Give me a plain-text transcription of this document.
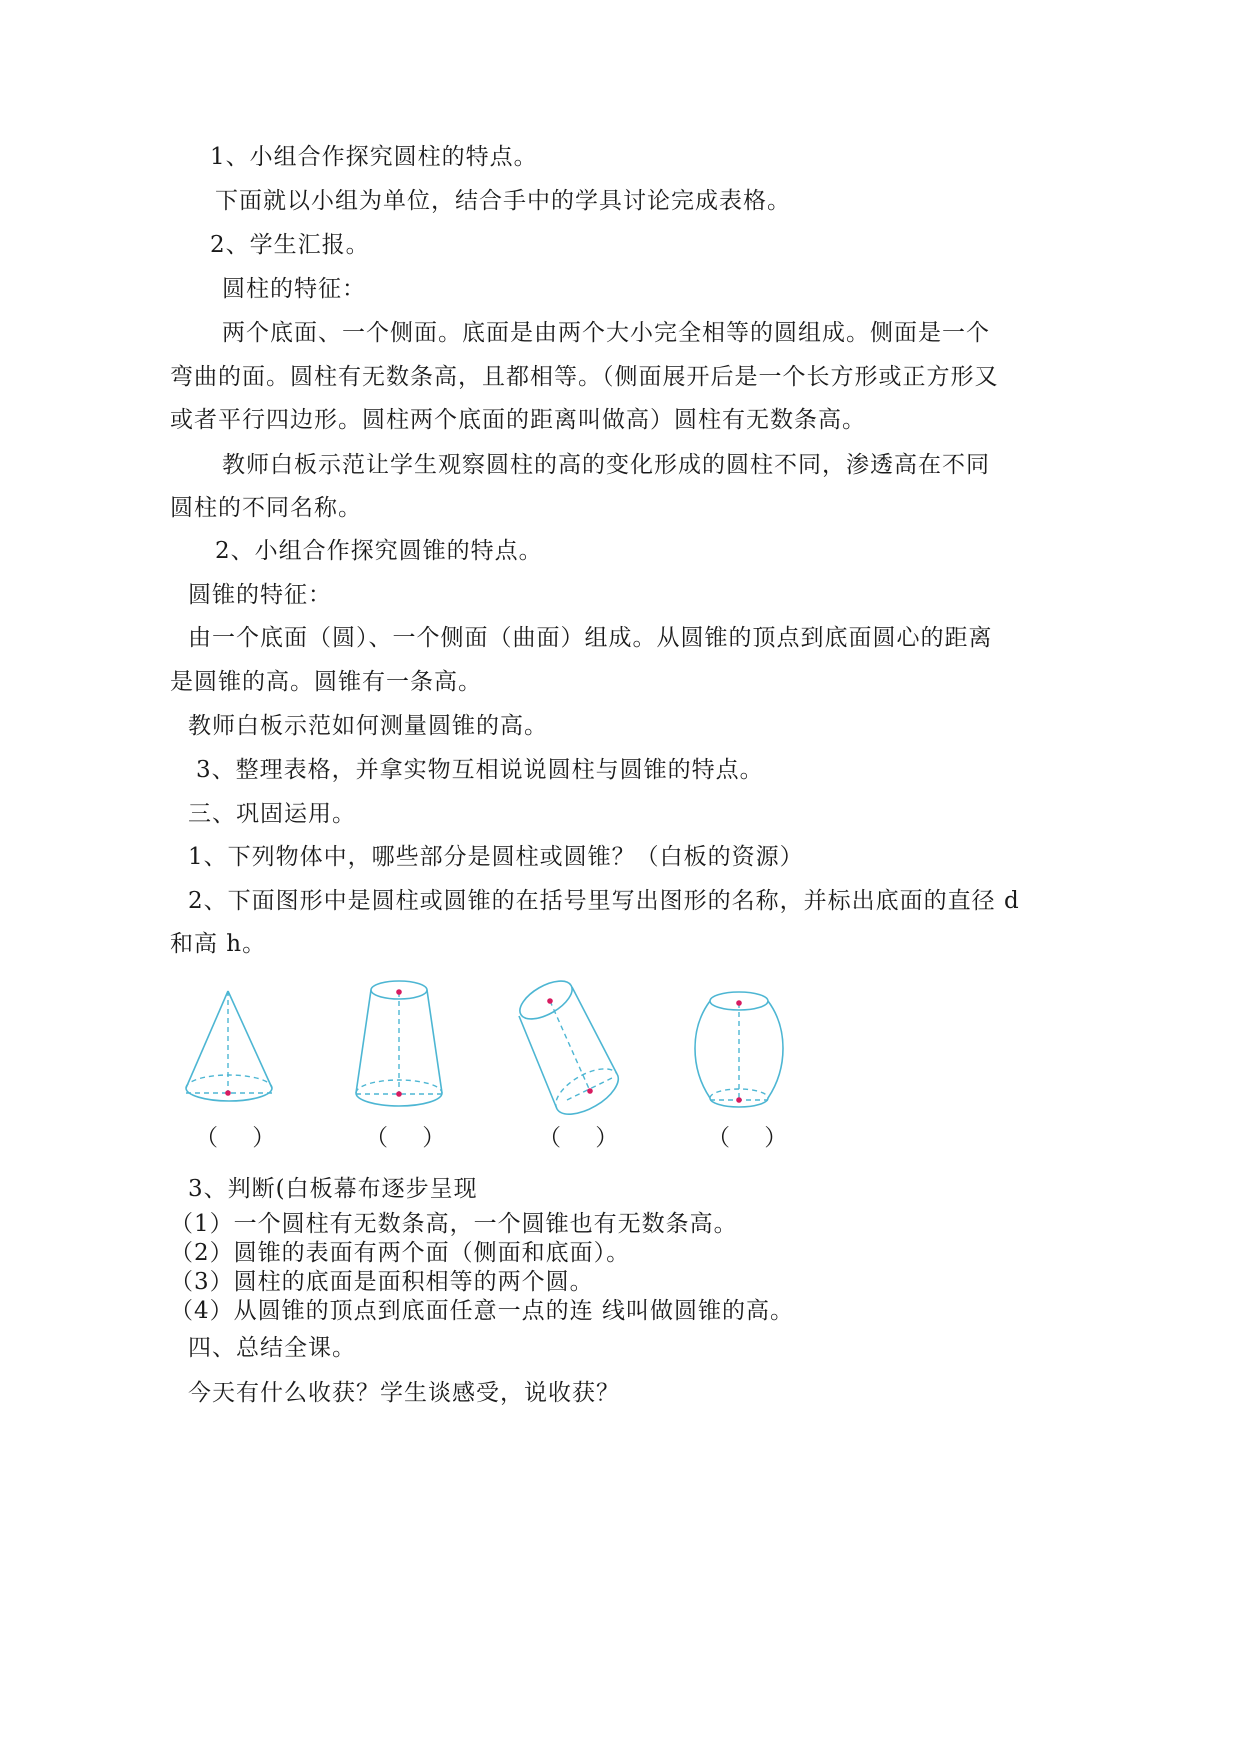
1、小组合作探究圆柱的特点。
下面就以小组为单位，结合手中的学具讨论完成表格。
2、学生汇报。
圆柱的特征：
两个底面、一个侧面。底面是由两个大小完全相等的圆组成。侧面是一个
弯曲的面。圆柱有无数条高，且都相等。（侧面展开后是一个长方形或正方形又
或者平行四边形。圆柱两个底面的距离叫做高）圆柱有无数条高。
教师白板示范让学生观察圆柱的高的变化形成的圆柱不同，渗透高在不同
圆柱的不同名称。
2、小组合作探究圆锥的特点。
圆锥的特征：
由一个底面（圆）、一个侧面（曲面）组成。从圆锥的顶点到底面圆心的距离
是圆锥的高。圆锥有一条高。
教师白板示范如何测量圆锥的高。
3、整理表格，并拿实物互相说说圆柱与圆锥的特点。
三、巩固运用。
1、下列物体中，哪些部分是圆柱或圆锥？（白板的资源）
2、下面图形中是圆柱或圆锥的在括号里写出图形的名称，并标出底面的直径 d
和高 h。
（    ）	（    ）	（    ）	（    ）
3、判断(白板幕布逐步呈现
（1）一个圆柱有无数条高，一个圆锥也有无数条高。
（2）圆锥的表面有两个面（侧面和底面）。
（3）圆柱的底面是面积相等的两个圆。
（4）从圆锥的顶点到底面任意一点的连 线叫做圆锥的高。
四、总结全课。
今天有什么收获？学生谈感受，说收获？
